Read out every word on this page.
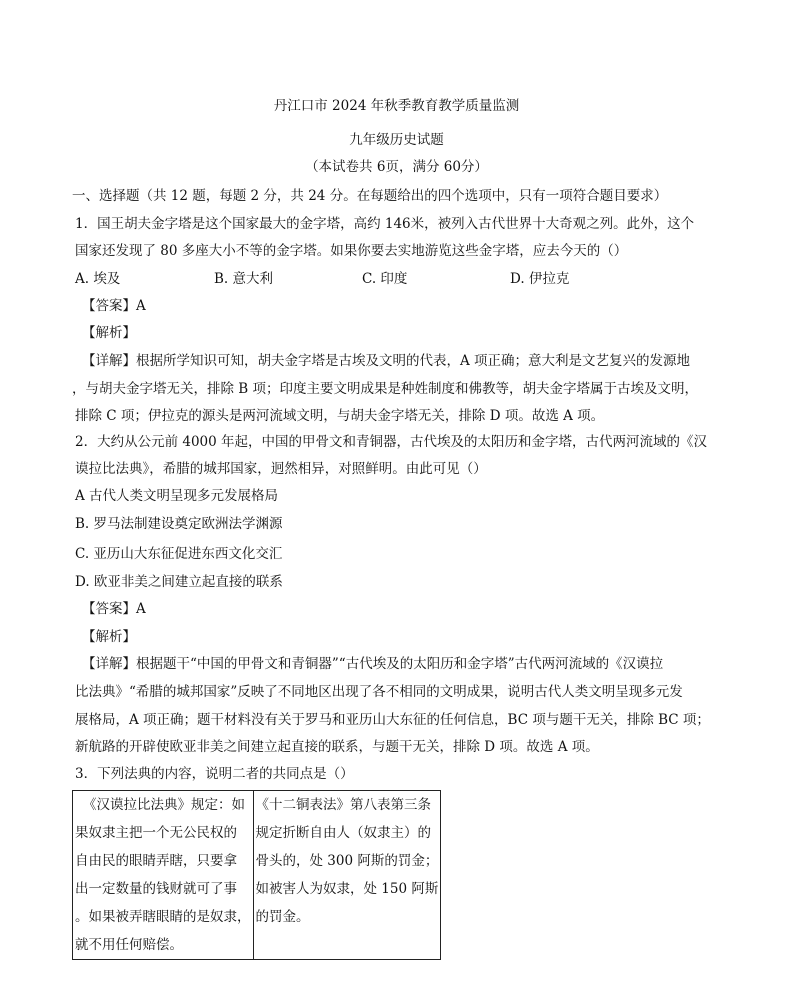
丹江口市 2024 年秋季教育教学质量监测
九年级历史试题
（本试卷共 6页，满分 60分）
一、选择题（共 12 题，每题 2 分，共 24 分。在每题给出的四个选项中，只有一项符合题目要求）
1．国王胡夫金字塔是这个国家最大的金字塔，高约 146米，被列入古代世界十大奇观之列。此外，这个
国家还发现了 80 多座大小不等的金字塔。如果你要去实地游览这些金字塔，应去今天的（）
A. 埃及	B. 意大利	C. 印度	D. 伊拉克
【答案】A
【解析】
【详解】根据所学知识可知，胡夫金字塔是古埃及文明的代表，A 项正确；意大利是文艺复兴的发源地
，与胡夫金字塔无关，排除 B 项；印度主要文明成果是种姓制度和佛教等，胡夫金字塔属于古埃及文明，
排除 C 项；伊拉克的源头是两河流域文明，与胡夫金字塔无关，排除 D 项。故选 A 项。
2．大约从公元前 4000 年起，中国的甲骨文和青铜器，古代埃及的太阳历和金字塔，古代两河流域的《汉
谟拉比法典》，希腊的城邦国家，迥然相异，对照鲜明。由此可见（）
A 古代人类文明呈现多元发展格局
B. 罗马法制建设奠定欧洲法学渊源
C. 亚历山大东征促进东西文化交汇
D. 欧亚非美之间建立起直接的联系
【答案】A
【解析】
【详解】根据题干“中国的甲骨文和青铜器”“古代埃及的太阳历和金字塔”古代两河流域的《汉谟拉
比法典》“希腊的城邦国家”反映了不同地区出现了各不相同的文明成果，说明古代人类文明呈现多元发
展格局，A 项正确；题干材料没有关于罗马和亚历山大东征的任何信息，BC 项与题干无关，排除 BC 项；
新航路的开辟使欧亚非美之间建立起直接的联系，与题干无关，排除 D 项。故选 A 项。
3．下列法典的内容，说明二者的共同点是（）
《汉谟拉比法典》规定：如
果奴隶主把一个无公民权的
自由民的眼睛弄瞎，只要拿
出一定数量的钱财就可了事
。如果被弄瞎眼睛的是奴隶，
就不用任何赔偿。

《十二铜表法》第八表第三条
规定折断自由人（奴隶主）的
骨头的，处 300 阿斯的罚金；
如被害人为奴隶，处 150 阿斯
的罚金。
